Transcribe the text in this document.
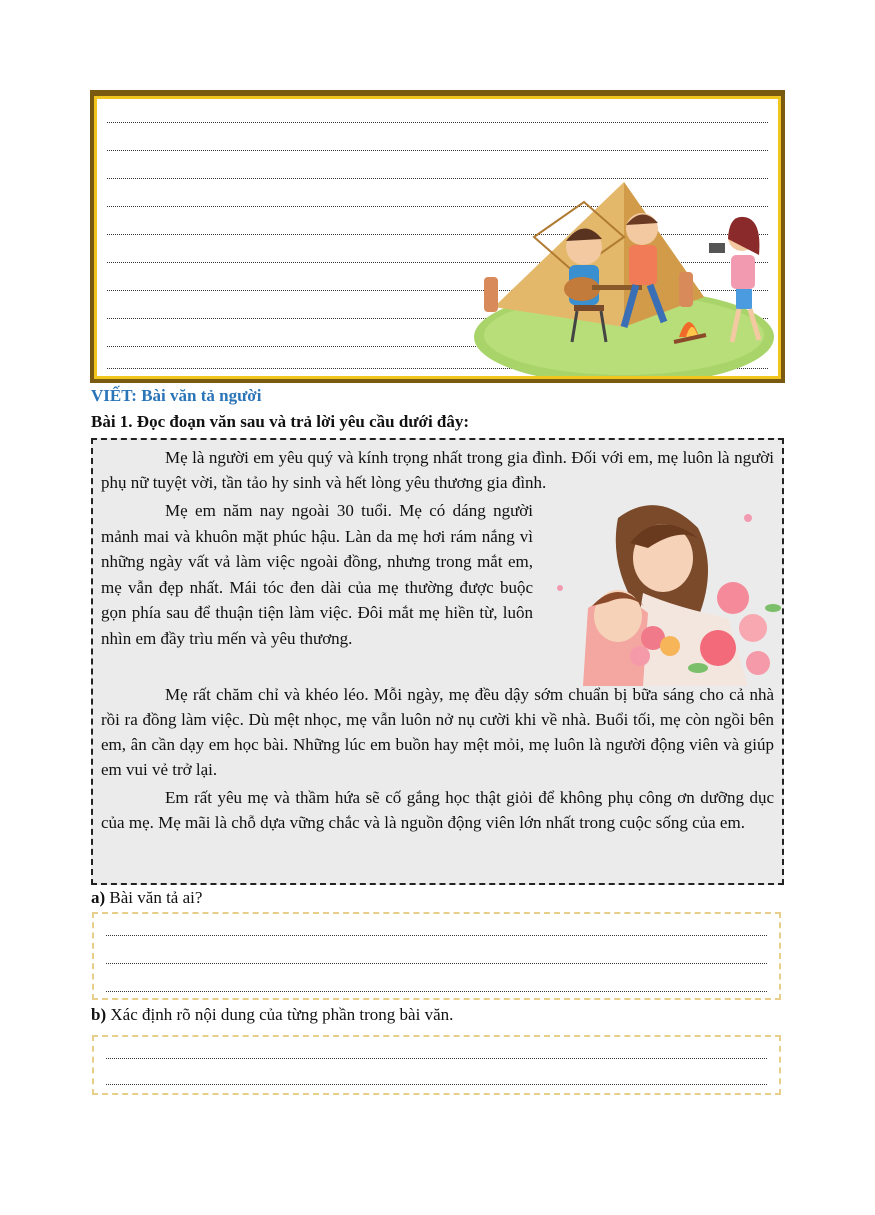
VIẾT: Bài văn tả người
Bài 1. Đọc đoạn văn sau và trả lời yêu cầu dưới đây:

Mẹ là người em yêu quý và kính trọng nhất trong gia đình. Đối với em, mẹ luôn là người phụ nữ tuyệt vời, tần tảo hy sinh và hết lòng yêu thương gia đình.

Mẹ em năm nay ngoài 30 tuổi. Mẹ có dáng người mảnh mai và khuôn mặt phúc hậu. Làn da mẹ hơi rám nắng vì những ngày vất vả làm việc ngoài đồng, nhưng trong mắt em, mẹ vẫn đẹp nhất. Mái tóc đen dài của mẹ thường được buộc gọn phía sau để thuận tiện làm việc. Đôi mắt mẹ hiền từ, luôn nhìn em đầy trìu mến và yêu thương.

Mẹ rất chăm chỉ và khéo léo. Mỗi ngày, mẹ đều dậy sớm chuẩn bị bữa sáng cho cả nhà rồi ra đồng làm việc. Dù mệt nhọc, mẹ vẫn luôn nở nụ cười khi về nhà. Buổi tối, mẹ còn ngồi bên em, ân cần dạy em học bài. Những lúc em buồn hay mệt mỏi, mẹ luôn là người động viên và giúp em vui vẻ trở lại.

Em rất yêu mẹ và thầm hứa sẽ cố gắng học thật giỏi để không phụ công ơn dưỡng dục của mẹ. Mẹ mãi là chỗ dựa vững chắc và là nguồn động viên lớn nhất trong cuộc sống của em.

a) Bài văn tả ai?
b) Xác định rõ nội dung của từng phần trong bài văn.
